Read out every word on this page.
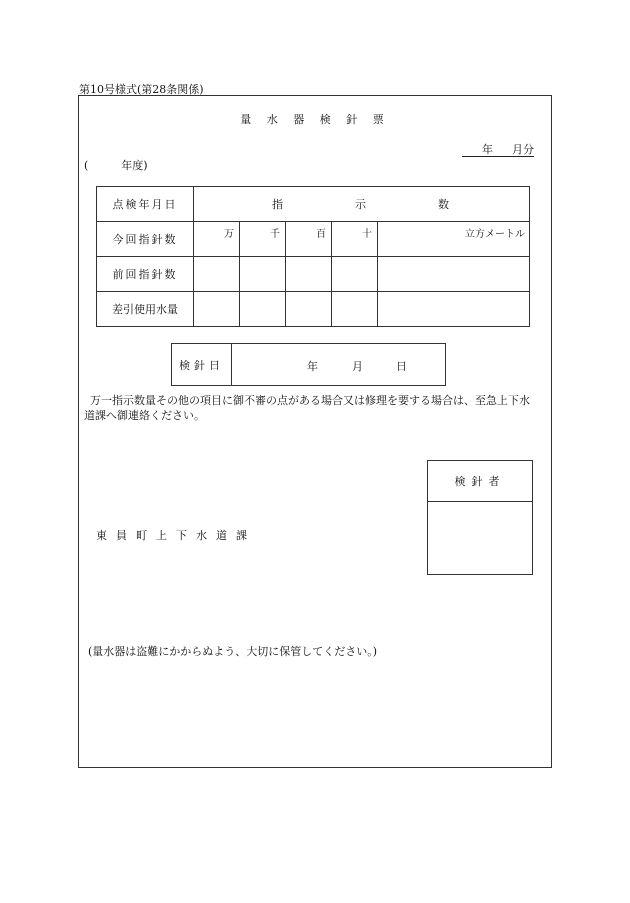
第10号様式(第28条関係)
量 水 器 検 針 票
年 月分

(　　　年度)
点検年月日	指 示 数				

今回指針数	万	千	百	十	立方メートル

前回指針数					
差引使用水量					
検針日	年	月	日
万一指示数量その他の項目に御不審の点がある場合又は修理を要する場合は、至急上下水
道課へ御連絡ください。
検針者
東員町上下水道課
(量水器は盗難にかからぬよう、大切に保管してください。)
